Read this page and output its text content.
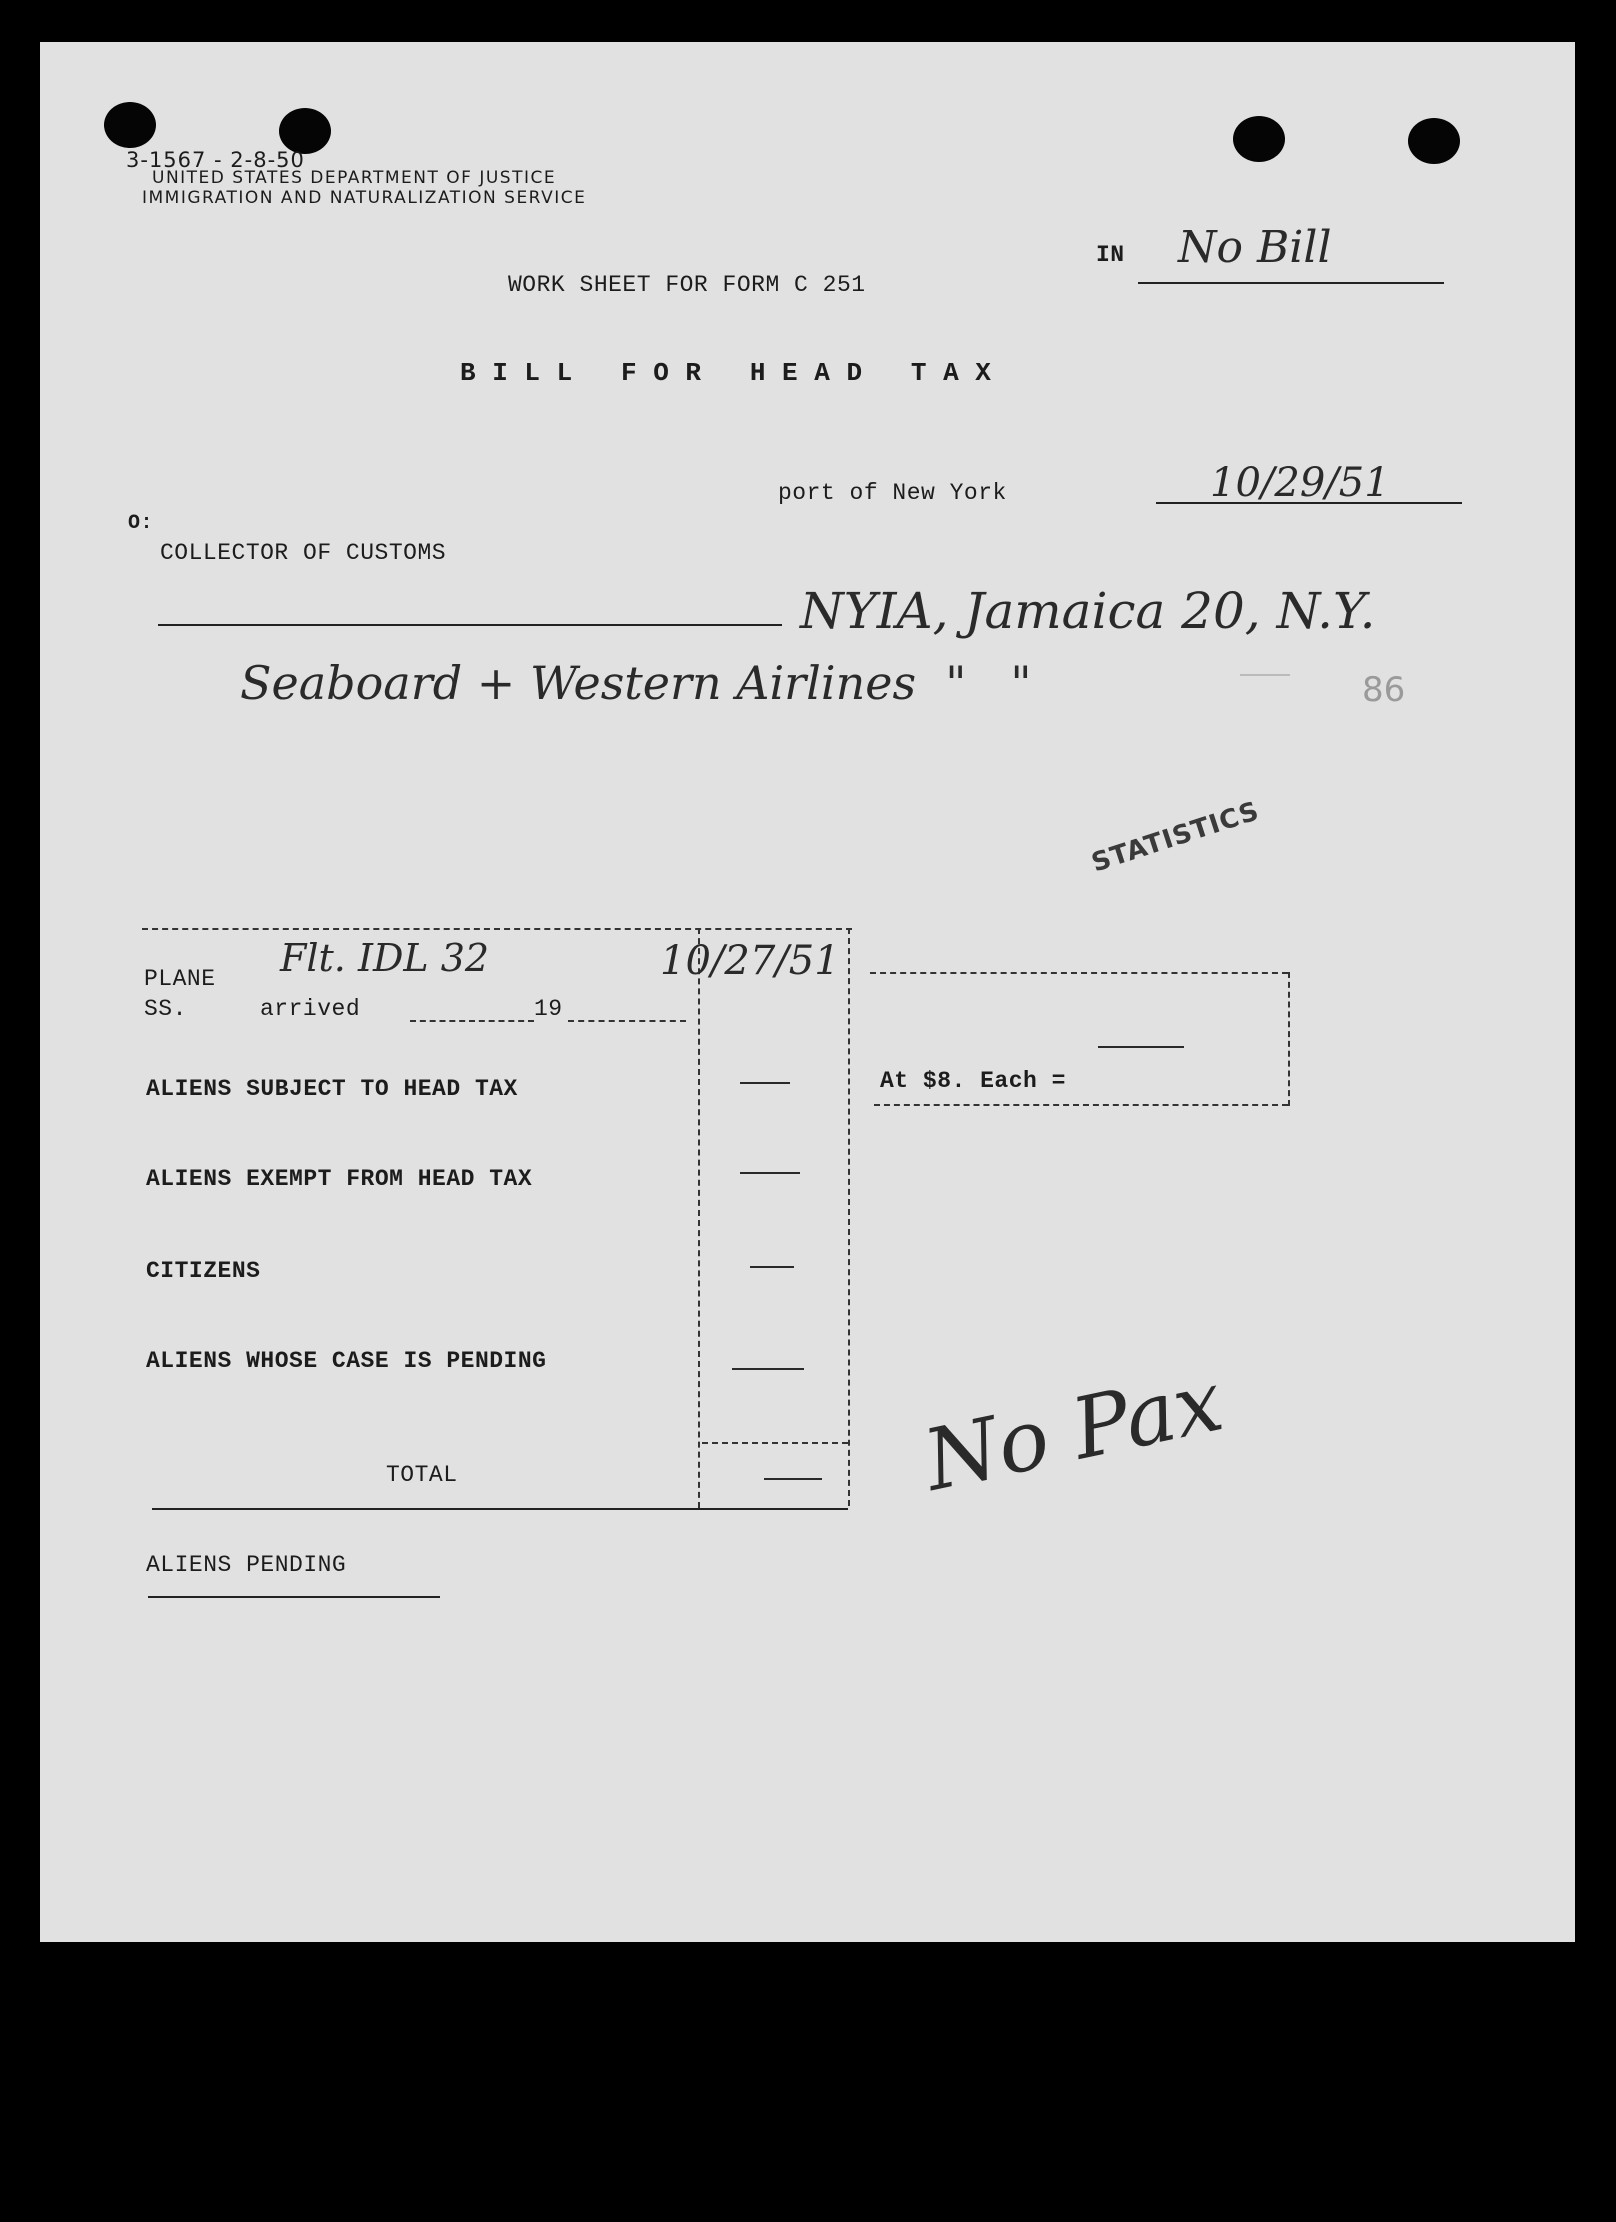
3-1567 - 2-8-50
UNITED STATES DEPARTMENT OF JUSTICE
IMMIGRATION AND NATURALIZATION SERVICE
IN No Bill
WORK SHEET FOR FORM C 251
B I L L   F O R   H E A D   T A X
port of New York	10/29/51
O:
COLLECTOR OF CUSTOMS
NYIA, Jamaica 20, N.Y.
Seaboard + Western Airlines  "   "	86
STATISTICS
PLANE Flt. IDL 32	10/27/51
SS.	arrived	19
ALIENS SUBJECT TO HEAD TAX
ALIENS EXEMPT FROM HEAD TAX
CITIZENS
ALIENS WHOSE CASE IS PENDING
TOTAL
At $8. Each =
ALIENS PENDING
No Pax
